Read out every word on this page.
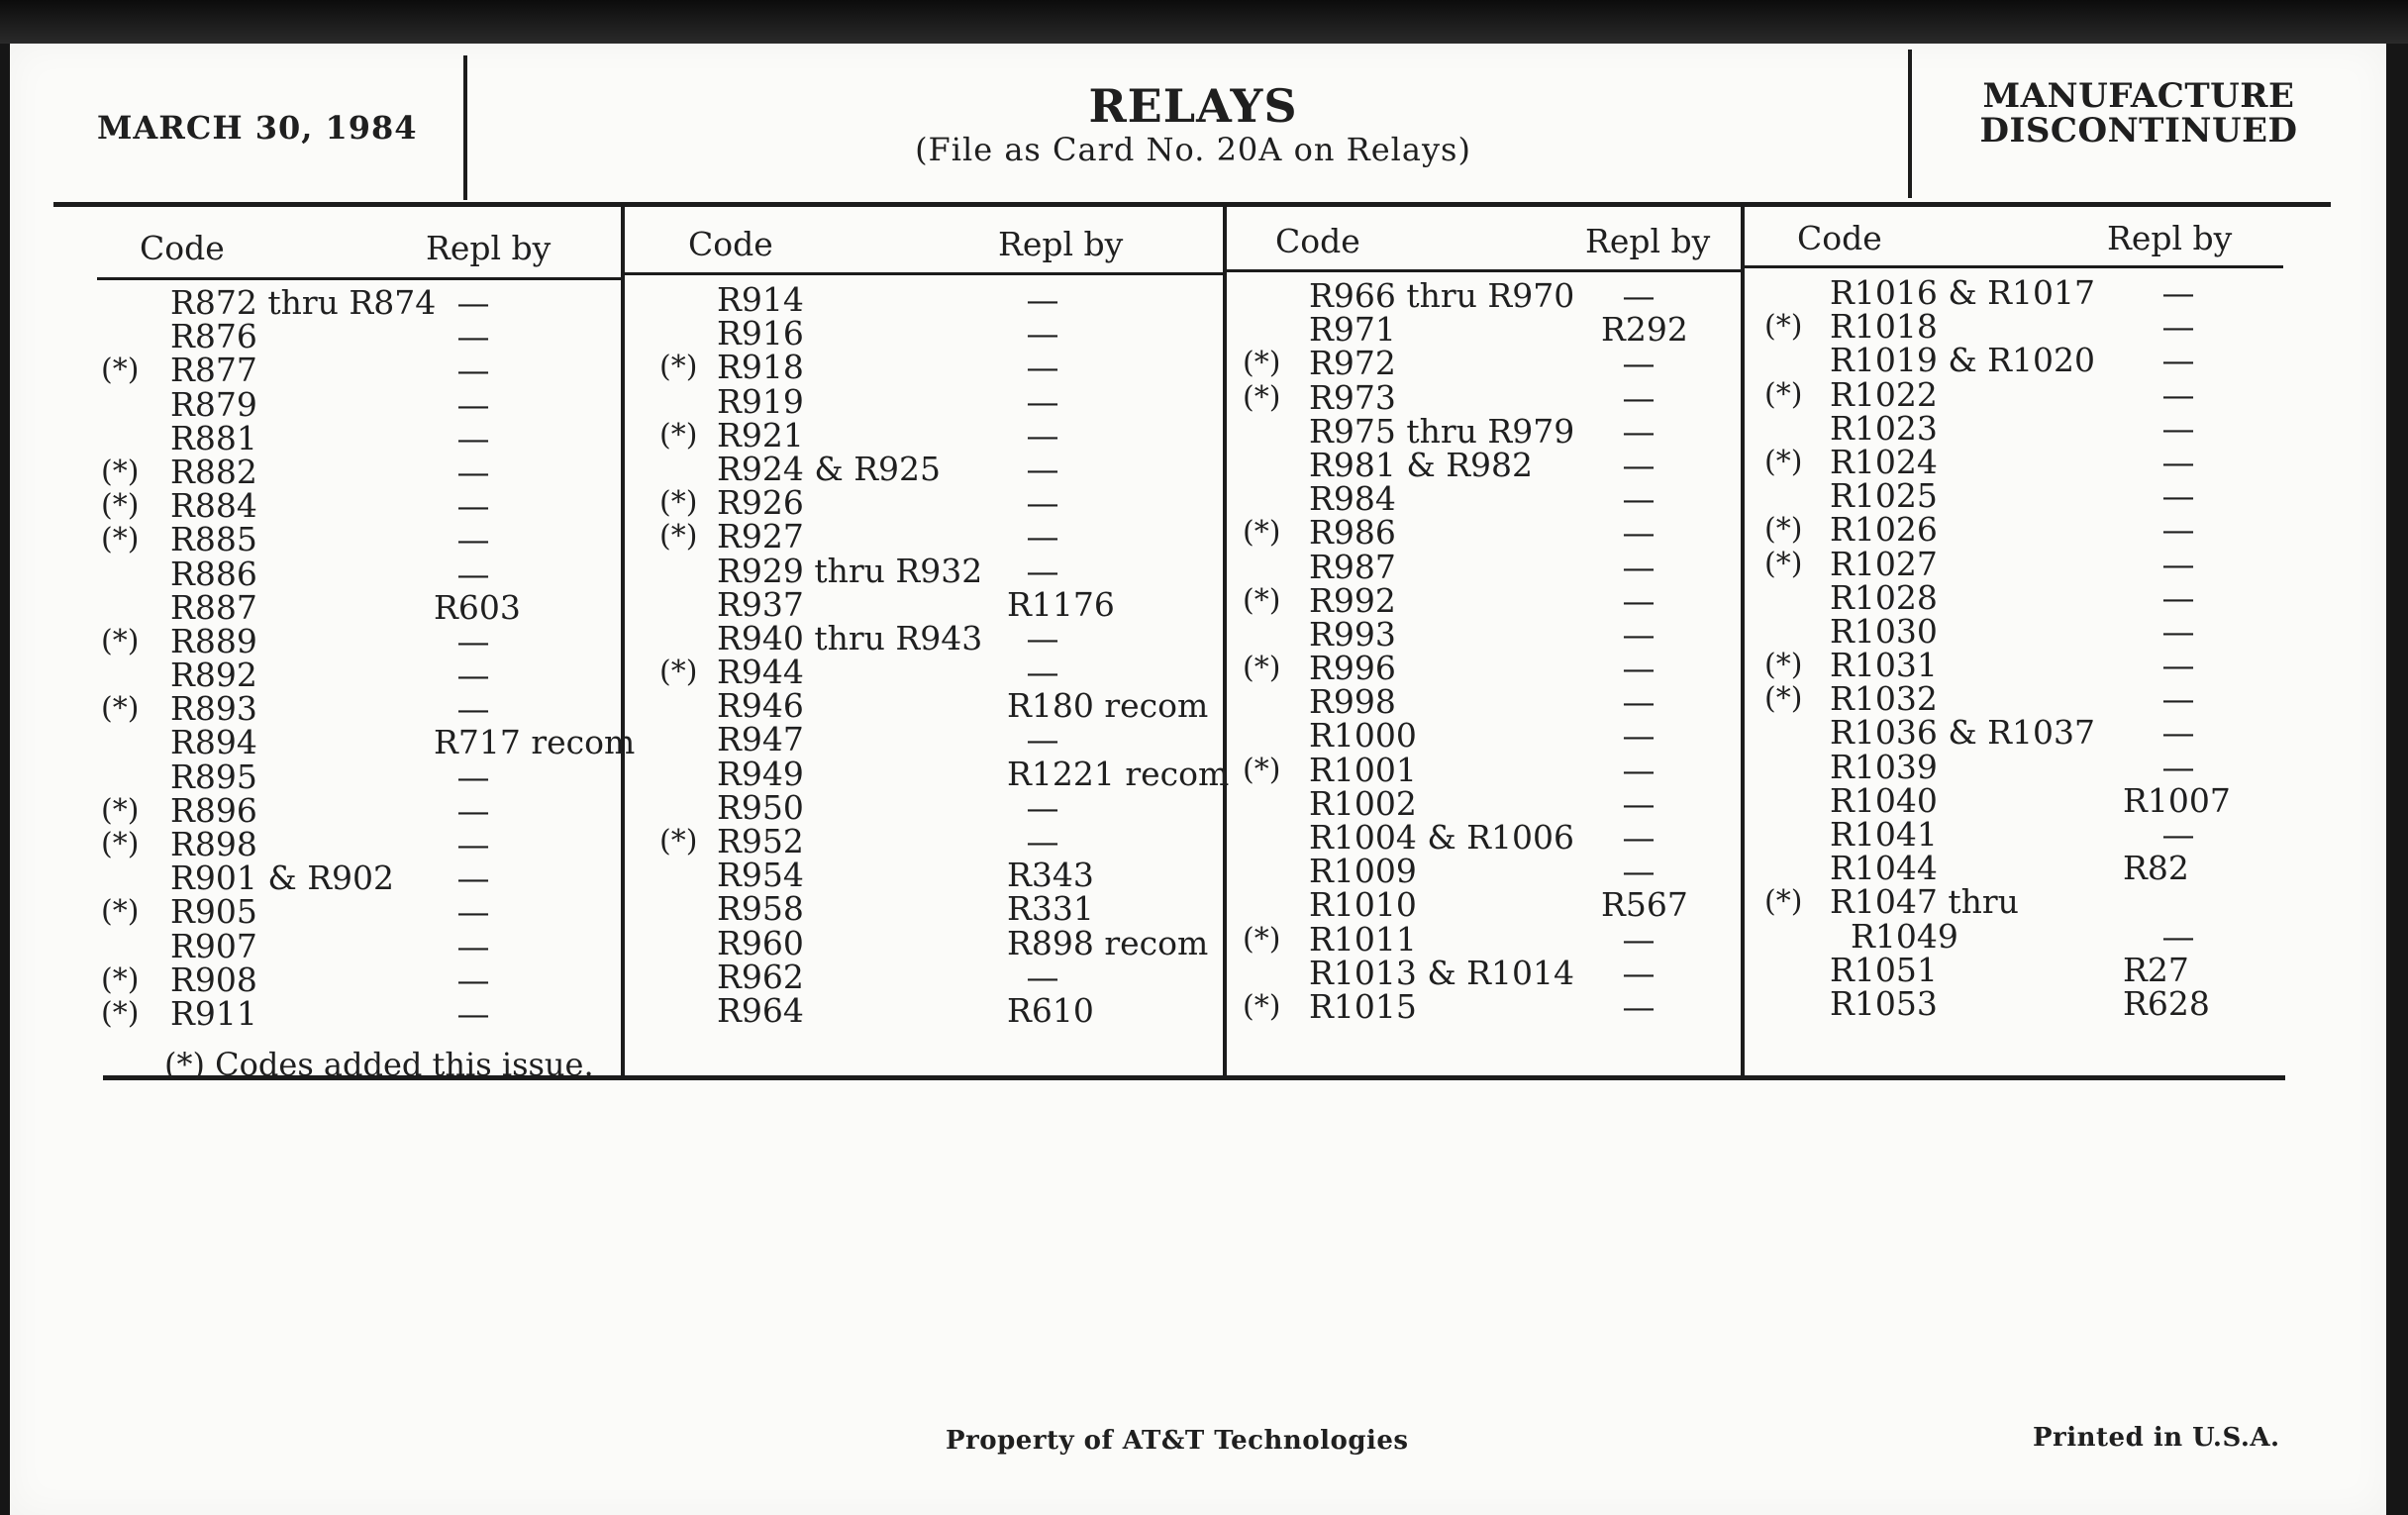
MARCH 30, 1984	RELAYS
(File as Card No. 20A on Relays)
MANUFACTURE
DISCONTINUED
Code	Repl by
R872 thru R874 —
R876	—
(*) R877	—
R879	—
R881	—
(*) R882	—
(*) R884	—
(*) R885	—
R886	—
R887	R603
(*) R889	—
R892	—
(*) R893	—
R894	R717 recom
R895	—
(*) R896	—
(*) R898	—
R901 & R902 —
(*) R905	—
R907	—
(*) R908	—
(*) R911	—
Code	Repl by
R914	—
R916	—
(*) R918	—
R919	—
(*) R921	—
R924 & R925	—
(*) R926	—
(*) R927	—
R929 thru R932 —
R937	R1176
R940 thru R943 —
(*) R944	—
R946	R180 recom
R947	—
R949	R1221 recom
R950	—
(*) R952	—
R954	R343
R958	R331
R960	R898 recom
R962	—
R964	R610
Code	Repl by
R966 thru R970 —
R971	R292
(*) R972	—
(*) R973	—
R975 thru R979 —
R981 & R982	—
R984	—
(*) R986	—
R987	—
(*) R992	—
R993	—
(*) R996	—
R998	—
R1000	—
(*) R1001	—
R1002	—
R1004 & R1006 —
R1009	—
R1010	R567
(*) R1011	—
R1013 & R1014 —
(*) R1015	—
Code	Repl by
R1016 & R1017 —
(*) R1018	—
R1019 & R1020 —
(*) R1022	—
R1023	—
(*) R1024	—
R1025	—
(*) R1026	—
(*) R1027	—
R1028	—
R1030	—
(*) R1031	—
(*) R1032	—
R1036 & R1037 —
R1039	—
R1040	R1007
R1041	—
R1044	R82
(*) R1047 thru
R1049	—
R1051	R27
R1053	R628
(*) Codes added this issue.
Property of AT&T Technologies	Printed in U.S.A.
